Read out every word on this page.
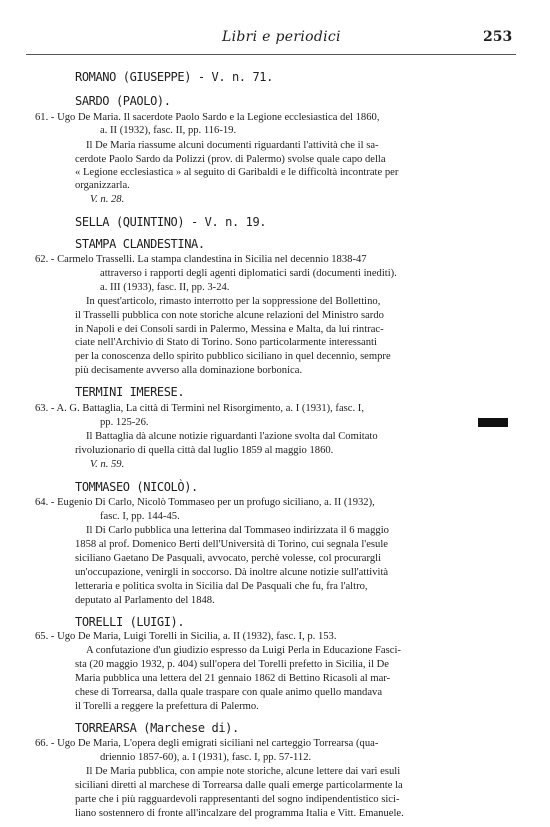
Libri e periodici	253
ROMANO (GIUSEPPE) - V. n. 71.
SARDO (PAOLO).
61. - Ugo De Maria. Il sacerdote Paolo Sardo e la Legione ecclesiastica del 1860,
a. II (1932), fasc. II, pp. 116-19.
Il De Maria riassume alcuni documenti riguardanti l'attività che il sa-
cerdote Paolo Sardo da Polizzi (prov. di Palermo) svolse quale capo della
« Legione ecclesiastica » al seguito di Garibaldi e le difficoltà incontrate per
organizzarla.
V. n. 28.
SELLA (QUINTINO) - V. n. 19.
STAMPA CLANDESTINA.
62. - Carmelo Trasselli. La stampa clandestina in Sicilia nel decennio 1838-47
attraverso i rapporti degli agenti diplomatici sardi (documenti inediti).
a. III (1933), fasc. II, pp. 3-24.
In quest'articolo, rimasto interrotto per la soppressione del Bollettino,
il Trasselli pubblica con note storiche alcune relazioni del Ministro sardo
in Napoli e dei Consoli sardi in Palermo, Messina e Malta, da lui rintrac-
ciate nell'Archivio di Stato di Torino. Sono particolarmente interessanti
per la conoscenza dello spirito pubblico siciliano in quel decennio, sempre
più decisamente avverso alla dominazione borbonica.
TERMINI IMERESE.
63. - A. G. Battaglia, La città di Termini nel Risorgimento, a. I (1931), fasc. I,
pp. 125-26.
Il Battaglia dà alcune notizie riguardanti l'azione svolta dal Comitato
rivoluzionario di quella città dal luglio 1859 al maggio 1860.
V. n. 59.
TOMMASEO (NICOLÒ).
64. - Eugenio Di Carlo, Nicolò Tommaseo per un profugo siciliano, a. II (1932),
fasc. I, pp. 144-45.
Il Di Carlo pubblica una letterina dal Tommaseo indirizzata il 6 maggio
1858 al prof. Domenico Berti dell'Università di Torino, cui segnala l'esule
siciliano Gaetano De Pasquali, avvocato, perchè volesse, col procurargli
un'occupazione, venirgli in soccorso. Dà inoltre alcune notizie sull'attività
letteraria e politica svolta in Sicilia dal De Pasquali che fu, fra l'altro,
deputato al Parlamento del 1848.
TORELLI (LUIGI).
65. - Ugo De Maria, Luigi Torelli in Sicilia, a. II (1932), fasc. I, p. 153.
A confutazione d'un giudizio espresso da Luigi Perla in Educazione Fasci-
sta (20 maggio 1932, p. 404) sull'opera del Torelli prefetto in Sicilia, il De
Maria pubblica una lettera del 21 gennaio 1862 di Bettino Ricasoli al mar-
chese di Torrearsa, dalla quale traspare con quale animo quello mandava
il Torelli a reggere la prefettura di Palermo.
TORREARSA (Marchese di).
66. - Ugo De Maria, L'opera degli emigrati siciliani nel carteggio Torrearsa (qua-
driennio 1857-60), a. I (1931), fasc. I, pp. 57-112.
Il De Maria pubblica, con ampie note storiche, alcune lettere dai vari esuli
siciliani diretti al marchese di Torrearsa dalle quali emerge particolarmente la
parte che i più ragguardevoli rappresentanti del sogno indipendentistico sici-
liano sostennero di fronte all'incalzare del programma Italia e Vitt. Emanuele.
